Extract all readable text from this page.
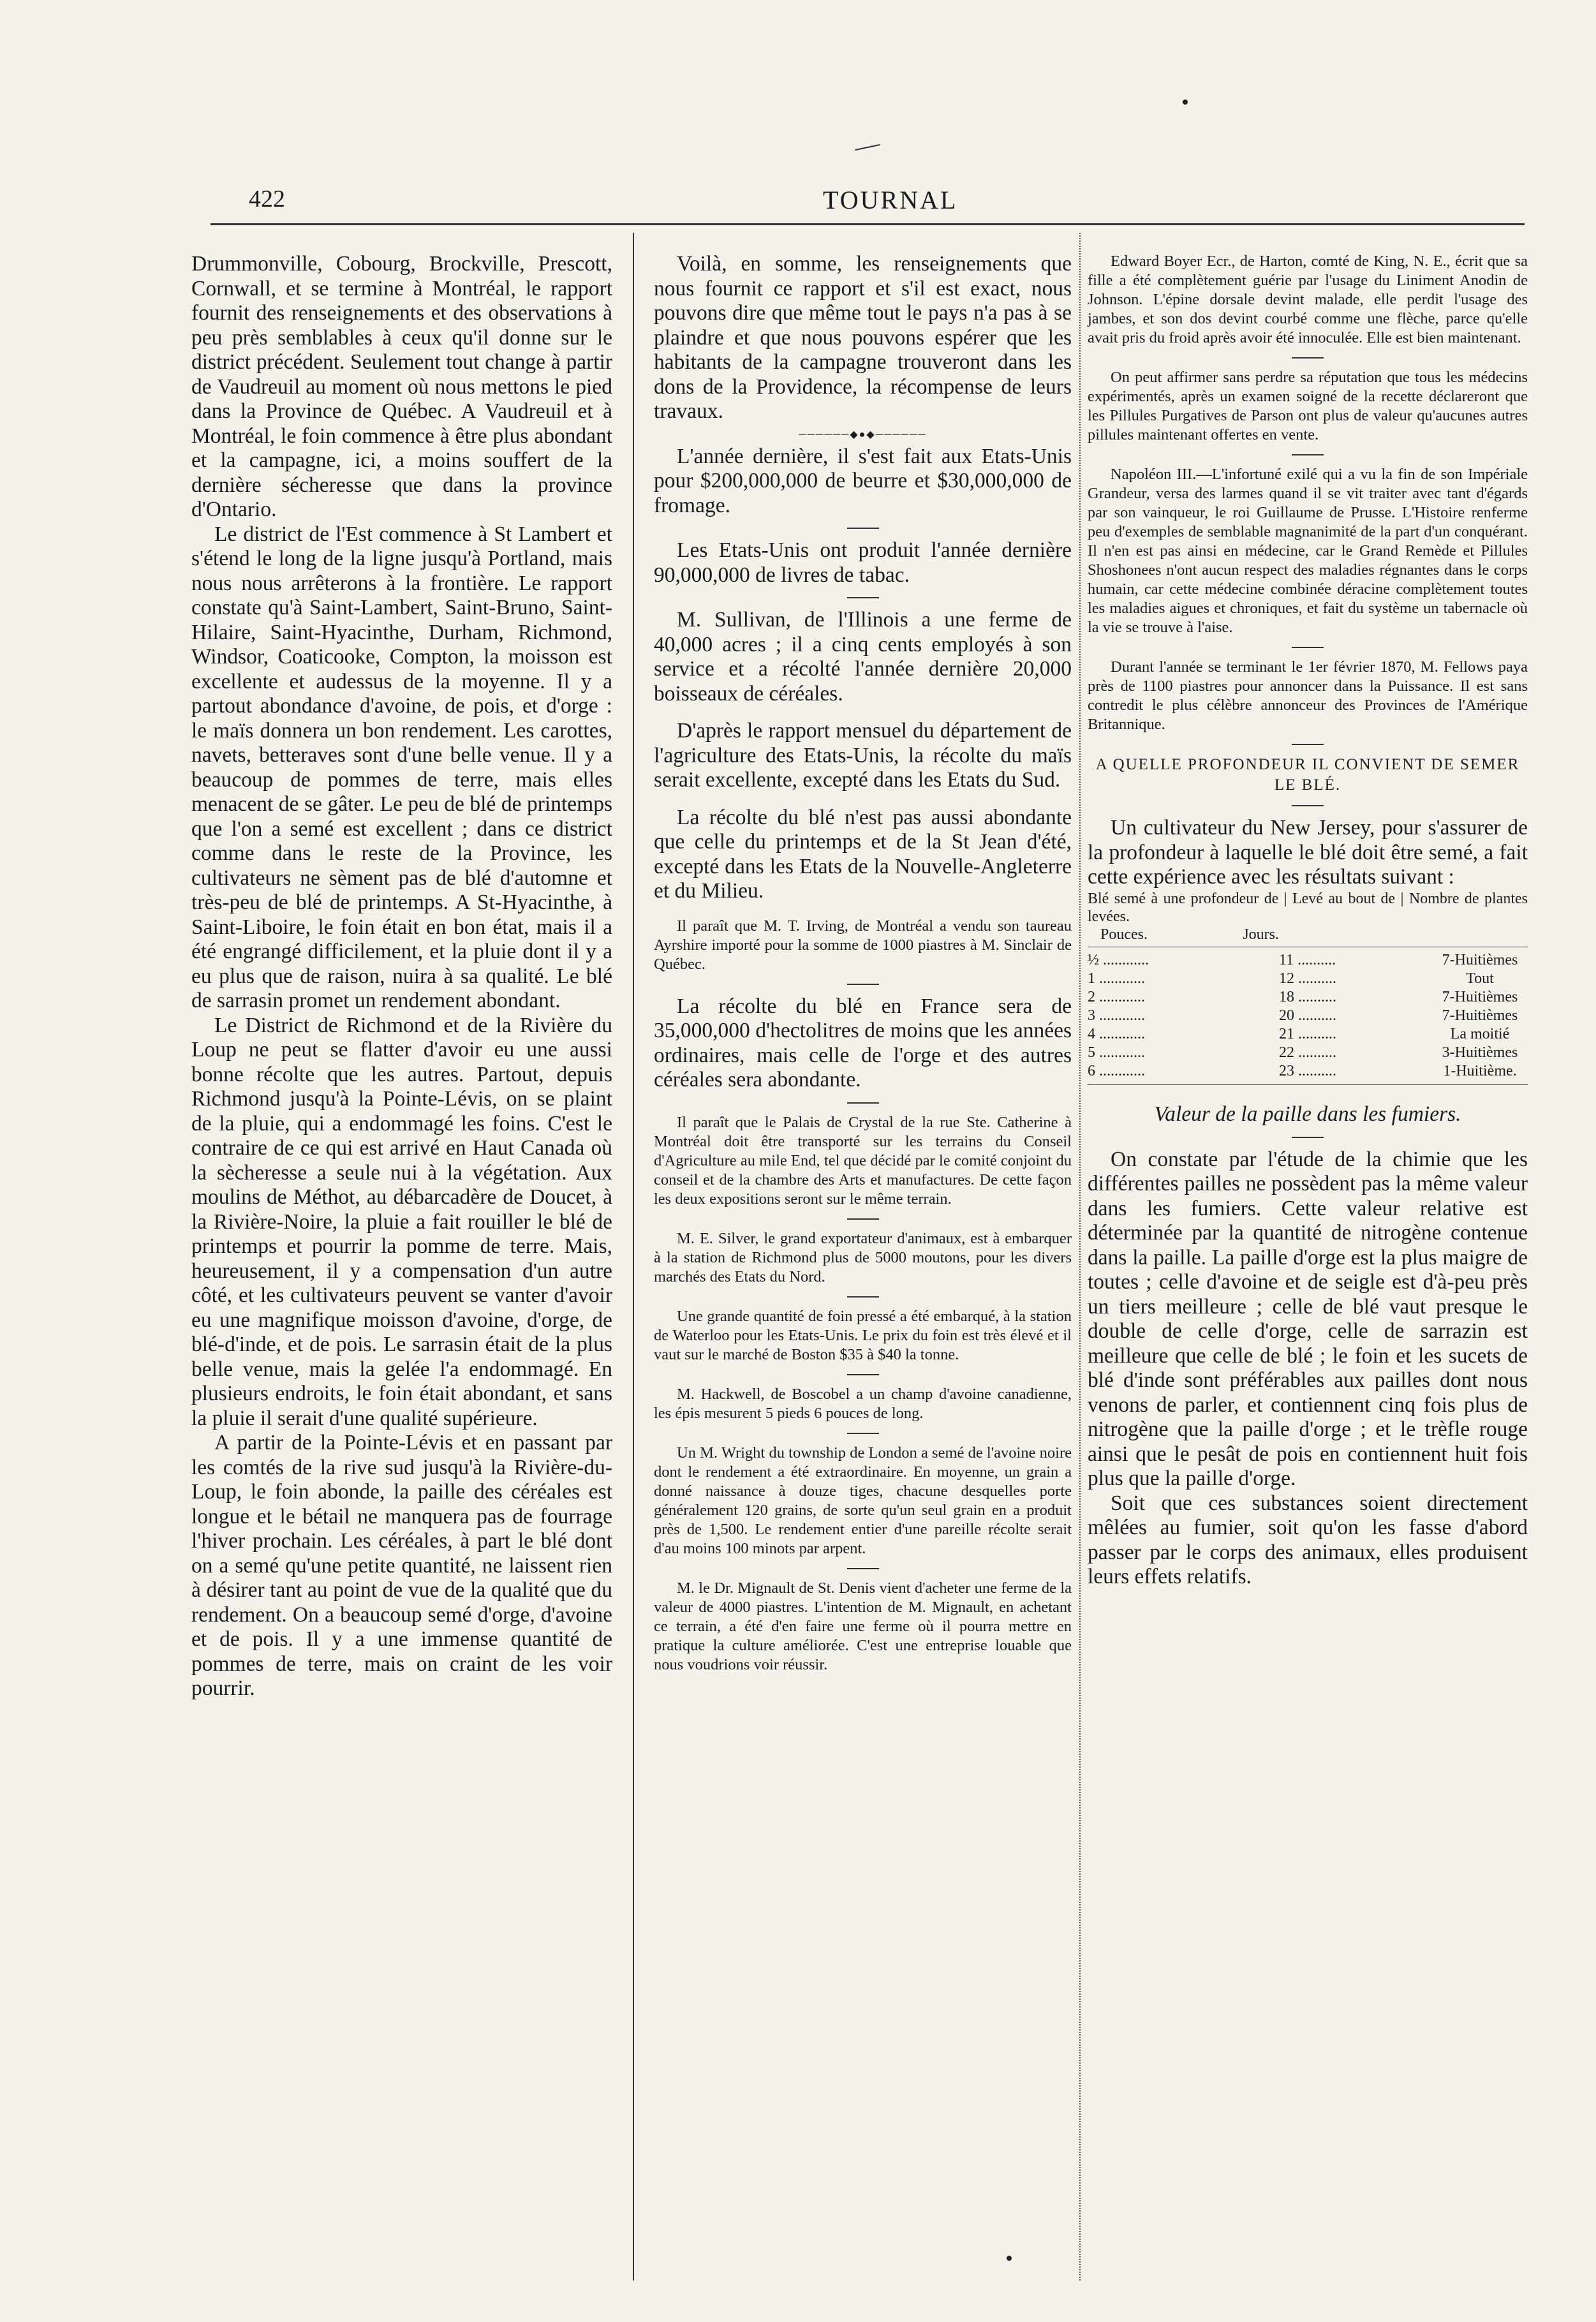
422	TOURNAL

Drummonville, Cobourg, Brockville, Prescott, Cornwall, et se termine à Montréal, le rapport fournit des renseignements et des observations à peu près semblables à ceux qu'il donne sur le district précédent. Seulement tout change à partir de Vaudreuil au moment où nous mettons le pied dans la Province de Québec. A Vaudreuil et à Montréal, le foin commence à être plus abondant et la campagne, ici, a moins souffert de la dernière sécheresse que dans la province d'Ontario.

Le district de l'Est commence à St Lambert et s'étend le long de la ligne jusqu'à Portland, mais nous nous arrêterons à la frontière. Le rapport constate qu'à Saint-Lambert, Saint-Bruno, Saint-Hilaire, Saint-Hyacinthe, Durham, Richmond, Windsor, Coaticooke, Compton, la moisson est excellente et audessus de la moyenne. Il y a partout abondance d'avoine, de pois, et d'orge : le maïs donnera un bon rendement. Les carottes, navets, betteraves sont d'une belle venue. Il y a beaucoup de pommes de terre, mais elles menacent de se gâter. Le peu de blé de printemps que l'on a semé est excellent ; dans ce district comme dans le reste de la Province, les cultivateurs ne sèment pas de blé d'automne et très-peu de blé de printemps. A St-Hyacinthe, à Saint-Liboire, le foin était en bon état, mais il a été engrangé difficilement, et la pluie dont il y a eu plus que de raison, nuira à sa qualité. Le blé de sarrasin promet un rendement abondant.

Le District de Richmond et de la Rivière du Loup ne peut se flatter d'avoir eu une aussi bonne récolte que les autres. Partout, depuis Richmond jusqu'à la Pointe-Lévis, on se plaint de la pluie, qui a endommagé les foins. C'est le contraire de ce qui est arrivé en Haut Canada où la sècheresse a seule nui à la végétation. Aux moulins de Méthot, au débarcadère de Doucet, à la Rivière-Noire, la pluie a fait rouiller le blé de printemps et pourrir la pomme de terre. Mais, heureusement, il y a compensation d'un autre côté, et les cultivateurs peuvent se vanter d'avoir eu une magnifique moisson d'avoine, d'orge, de blé-d'inde, et de pois. Le sarrasin était de la plus belle venue, mais la gelée l'a endommagé. En plusieurs endroits, le foin était abondant, et sans la pluie il serait d'une qualité supérieure.

A partir de la Pointe-Lévis et en passant par les comtés de la rive sud jusqu'à la Rivière-du-Loup, le foin abonde, la paille des céréales est longue et le bétail ne manquera pas de fourrage l'hiver prochain. Les céréales, à part le blé dont on a semé qu'une petite quantité, ne laissent rien à désirer tant au point de vue de la qualité que du rendement. On a beaucoup semé d'orge, d'avoine et de pois. Il y a une immense quantité de pommes de terre, mais on craint de les voir pourrir.

Voilà, en somme, les renseignements que nous fournit ce rapport et s'il est exact, nous pouvons dire que même tout le pays n'a pas à se plaindre et que nous pouvons espérer que les habitants de la campagne trouveront dans les dons de la Providence, la récompense de leurs travaux.

──────◆●◆──────

L'année dernière, il s'est fait aux Etats-Unis pour $200,000,000 de beurre et $30,000,000 de fromage.

Les Etats-Unis ont produit l'année dernière 90,000,000 de livres de tabac.

M. Sullivan, de l'Illinois a une ferme de 40,000 acres ; il a cinq cents employés à son service et a récolté l'année dernière 20,000 boisseaux de céréales.

D'après le rapport mensuel du département de l'agriculture des Etats-Unis, la récolte du maïs serait excellente, excepté dans les Etats du Sud.

La récolte du blé n'est pas aussi abondante que celle du printemps et de la St Jean d'été, excepté dans les Etats de la Nouvelle-Angleterre et du Milieu.

Il paraît que M. T. Irving, de Montréal a vendu son taureau Ayrshire importé pour la somme de 1000 piastres à M. Sinclair de Québec.

La récolte du blé en France sera de 35,000,000 d'hectolitres de moins que les années ordinaires, mais celle de l'orge et des autres céréales sera abondante.

Il paraît que le Palais de Crystal de la rue Ste. Catherine à Montréal doit être transporté sur les terrains du Conseil d'Agriculture au mile End, tel que décidé par le comité conjoint du conseil et de la chambre des Arts et manufactures. De cette façon les deux expositions seront sur le même terrain.

M. E. Silver, le grand exportateur d'animaux, est à embarquer à la station de Richmond plus de 5000 moutons, pour les divers marchés des Etats du Nord.

Une grande quantité de foin pressé a été embarqué, à la station de Waterloo pour les Etats-Unis. Le prix du foin est très élevé et il vaut sur le marché de Boston $35 à $40 la tonne.

M. Hackwell, de Boscobel a un champ d'avoine canadienne, les épis mesurent 5 pieds 6 pouces de long.

Un M. Wright du township de London a semé de l'avoine noire dont le rendement a été extraordinaire. En moyenne, un grain a donné naissance à douze tiges, chacune desquelles porte généralement 120 grains, de sorte qu'un seul grain en a produit près de 1,500. Le rendement entier d'une pareille récolte serait d'au moins 100 minots par arpent.

M. le Dr. Mignault de St. Denis vient d'acheter une ferme de la valeur de 4000 piastres. L'intention de M. Mignault, en achetant ce terrain, a été d'en faire une ferme où il pourra mettre en pratique la culture améliorée. C'est une entreprise louable que nous voudrions voir réussir.

Edward Boyer Ecr., de Harton, comté de King, N. E., écrit que sa fille a été complètement guérie par l'usage du Liniment Anodin de Johnson. L'épine dorsale devint malade, elle perdit l'usage des jambes, et son dos devint courbé comme une flèche, parce qu'elle avait pris du froid après avoir été innoculée. Elle est bien maintenant.

On peut affirmer sans perdre sa réputation que tous les médecins expérimentés, après un examen soigné de la recette déclareront que les Pillules Purgatives de Parson ont plus de valeur qu'aucunes autres pillules maintenant offertes en vente.

Napoléon III.—L'infortuné exilé qui a vu la fin de son Impériale Grandeur, versa des larmes quand il se vit traiter avec tant d'égards par son vainqueur, le roi Guillaume de Prusse. L'Histoire renferme peu d'exemples de semblable magnanimité de la part d'un conquérant. Il n'en est pas ainsi en médecine, car le Grand Remède et Pillules Shoshonees n'ont aucun respect des maladies régnantes dans le corps humain, car cette médecine combinée déracine complètement toutes les maladies aigues et chroniques, et fait du système un tabernacle où la vie se trouve à l'aise.

Durant l'année se terminant le 1er février 1870, M. Fellows paya près de 1100 piastres pour annoncer dans la Puissance. Il est sans contredit le plus célèbre annonceur des Provinces de l'Amérique Britannique.

A QUELLE PROFONDEUR IL CONVIENT DE SEMER LE BLÉ.

Un cultivateur du New Jersey, pour s'assurer de la profondeur à laquelle le blé doit être semé, a fait cette expérience avec les résultats suivant :

Blé semé à une profondeur de | Levé au bout de | Nombre de plantes levées.

Pouces.	Jours.
½ ............	11 ..........	7-Huitièmes
1 ............	12 ..........	Tout
2 ............	18 ..........	7-Huitièmes
3 ............	20 ..........	7-Huitièmes
4 ............	21 ..........	La moitié
5 ............	22 ..........	3-Huitièmes
6 ............	23 ..........	1-Huitième.

Valeur de la paille dans les fumiers.

On constate par l'étude de la chimie que les différentes pailles ne possèdent pas la même valeur dans les fumiers. Cette valeur relative est déterminée par la quantité de nitrogène contenue dans la paille. La paille d'orge est la plus maigre de toutes ; celle d'avoine et de seigle est d'à-peu près un tiers meilleure ; celle de blé vaut presque le double de celle d'orge, celle de sarrazin est meilleure que celle de blé ; le foin et les sucets de blé d'inde sont préférables aux pailles dont nous venons de parler, et contiennent cinq fois plus de nitrogène que la paille d'orge ; et le trèfle rouge ainsi que le pesât de pois en contiennent huit fois plus que la paille d'orge.

Soit que ces substances soient directement mêlées au fumier, soit qu'on les fasse d'abord passer par le corps des animaux, elles produisent leurs effets relatifs.
